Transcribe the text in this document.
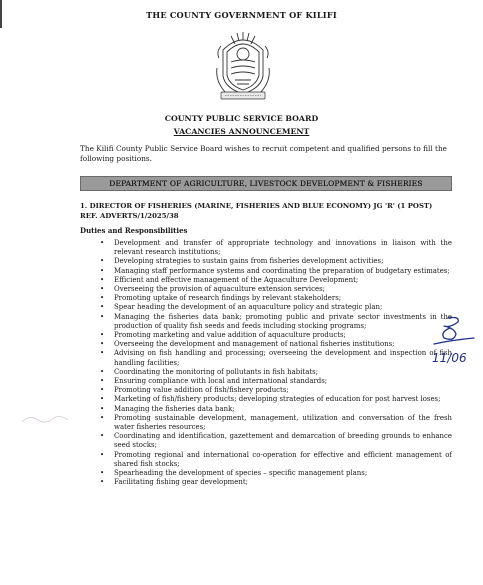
THE COUNTY GOVERNMENT OF KILIFI
COUNTY PUBLIC SERVICE BOARD
VACANCIES ANNOUNCEMENT
The Kilifi County Public Service Board wishes to recruit competent and qualified persons to fill the following positions.
DEPARTMENT OF AGRICULTURE, LIVESTOCK DEVELOPMENT & FISHERIES
1. DIRECTOR OF FISHERIES (MARINE, FISHERIES AND BLUE ECONOMY) JG 'R' (1 POST) REF. ADVERTS/1/2025/38
Duties and Responsibilities
• Development and transfer of appropriate technology and innovations in liaison with the relevant research institutions;
• Developing strategies to sustain gains from fisheries development activities;
• Managing staff performance systems and coordinating the preparation of budgetary estimates;
• Efficient and effective management of the Aquaculture Development;
• Overseeing the provision of aquaculture extension services;
• Promoting uptake of research findings by relevant stakeholders;
• Spear heading the development of an aquaculture policy and strategic plan;
• Managing the fisheries data bank; promoting public and private sector investments in the production of quality fish seeds and feeds including stocking programs;
• Promoting marketing and value addition of aquaculture products;
• Overseeing the development and management of national fisheries institutions;
• Advising on fish handling and processing; overseeing the development and inspection of fish handling facilities;
• Coordinating the monitoring of pollutants in fish habitats;
• Ensuring compliance with local and international standards;
• Promoting value addition of fish/fishery products;
• Marketing of fish/fishery products; developing strategies of education for post harvest loses;
• Managing the fisheries data bank;
• Promoting sustainable development, management, utilization and conversation of the fresh water fisheries resources;
• Coordinating and identification, gazettement and demarcation of breeding grounds to enhance seed stocks;
• Promoting regional and international co-operation for effective and efficient management of shared fish stocks;
• Spearheading the development of species – specific management plans;
• Facilitating fishing gear development;
11/06
